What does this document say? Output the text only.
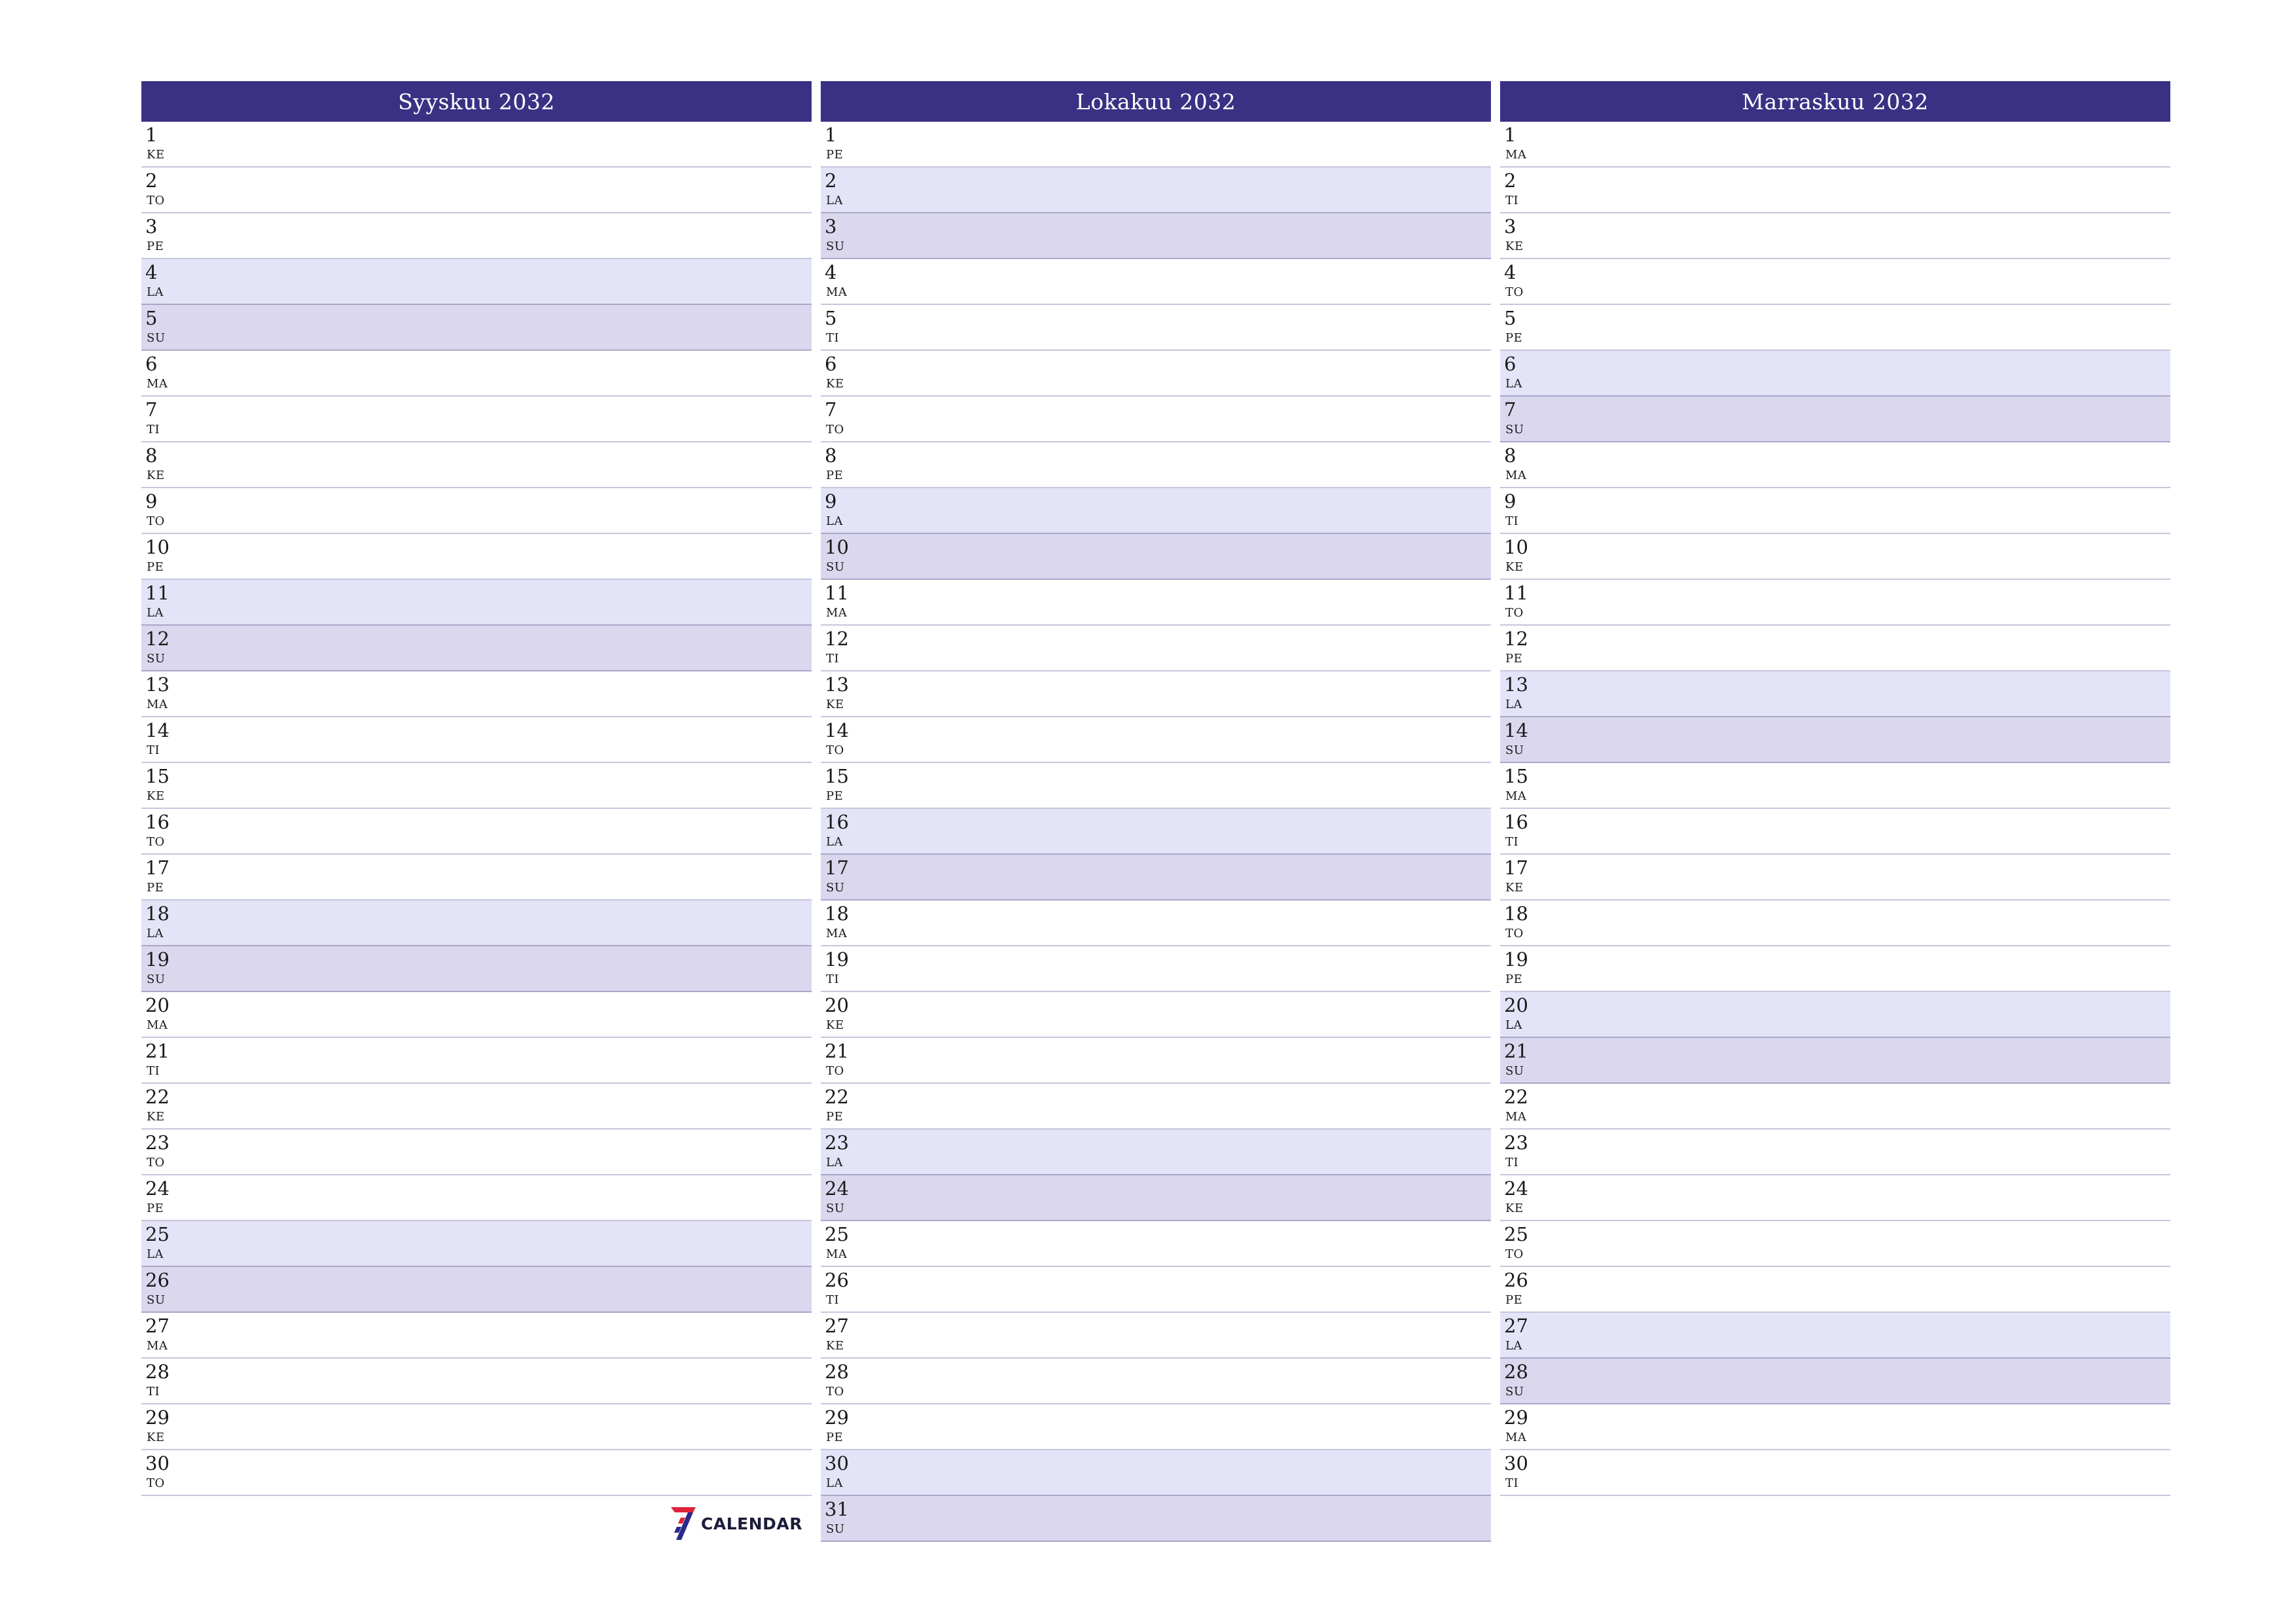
Syyskuu 2032
1
KE
2
TO
3
PE
4
LA
5
SU
6
MA
7
TI
8
KE
9
TO
10
PE
11
LA
12
SU
13
MA
14
TI
15
KE
16
TO
17
PE
18
LA
19
SU
20
MA
21
TI
22
KE
23
TO
24
PE
25
LA
26
SU
27
MA
28
TI
29
KE
30
TO
Lokakuu 2032
1
PE
2
LA
3
SU
4
MA
5
TI
6
KE
7
TO
8
PE
9
LA
10
SU
11
MA
12
TI
13
KE
14
TO
15
PE
16
LA
17
SU
18
MA
19
TI
20
KE
21
TO
22
PE
23
LA
24
SU
25
MA
26
TI
27
KE
28
TO
29
PE
30
LA
31
SU
Marraskuu 2032
1
MA
2
TI
3
KE
4
TO
5
PE
6
LA
7
SU
8
MA
9
TI
10
KE
11
TO
12
PE
13
LA
14
SU
15
MA
16
TI
17
KE
18
TO
19
PE
20
LA
21
SU
22
MA
23
TI
24
KE
25
TO
26
PE
27
LA
28
SU
29
MA
30
TI
CALENDAR
